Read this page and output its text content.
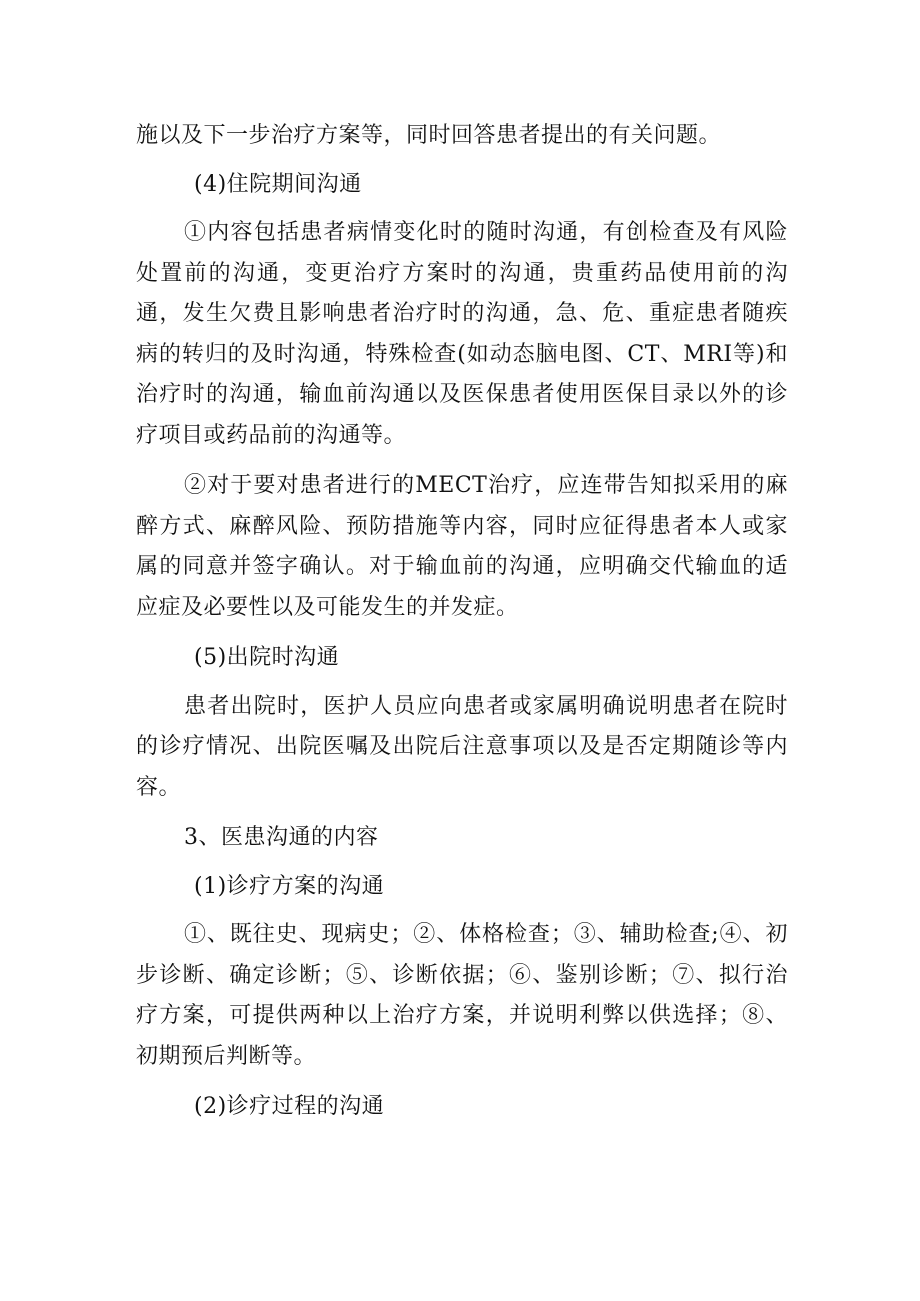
施以及下一步治疗方案等，同时回答患者提出的有关问题。

(4)住院期间沟通

①内容包括患者病情变化时的随时沟通，有创检查及有风险处置前的沟通，变更治疗方案时的沟通，贵重药品使用前的沟通，发生欠费且影响患者治疗时的沟通，急、危、重症患者随疾病的转归的及时沟通，特殊检查(如动态脑电图、CT、MRI等)和治疗时的沟通，输血前沟通以及医保患者使用医保目录以外的诊疗项目或药品前的沟通等。

②对于要对患者进行的MECT治疗，应连带告知拟采用的麻醉方式、麻醉风险、预防措施等内容，同时应征得患者本人或家属的同意并签字确认。对于输血前的沟通，应明确交代输血的适应症及必要性以及可能发生的并发症。

(5)出院时沟通

患者出院时，医护人员应向患者或家属明确说明患者在院时的诊疗情况、出院医嘱及出院后注意事项以及是否定期随诊等内容。

3、医患沟通的内容

(1)诊疗方案的沟通

①、既往史、现病史；②、体格检查；③、辅助检查;④、初步诊断、确定诊断；⑤、诊断依据；⑥、鉴别诊断；⑦、拟行治疗方案，可提供两种以上治疗方案，并说明利弊以供选择；⑧、初期预后判断等。

(2)诊疗过程的沟通
